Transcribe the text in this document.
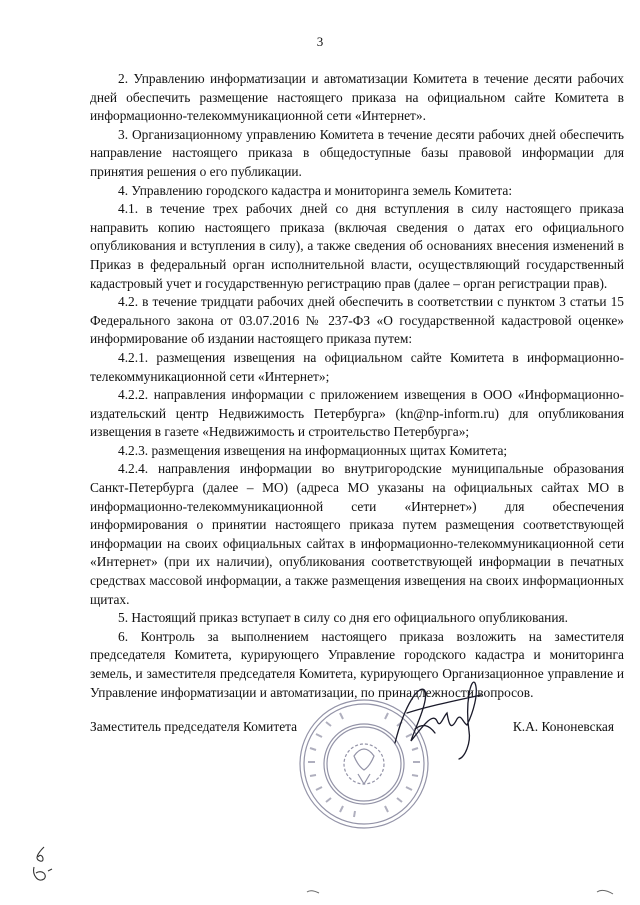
3

2. Управлению информатизации и автоматизации Комитета в течение десяти рабочих дней обеспечить размещение настоящего приказа на официальном сайте Комитета в информационно-телекоммуникационной сети «Интернет».

3. Организационному управлению Комитета в течение десяти рабочих дней обеспечить направление настоящего приказа в общедоступные базы правовой информации для принятия решения о его публикации.

4. Управлению городского кадастра и мониторинга земель Комитета:

4.1. в течение трех рабочих дней со дня вступления в силу настоящего приказа направить копию настоящего приказа (включая сведения о датах его официального опубликования и вступления в силу), а также сведения об основаниях внесения изменений в Приказ в федеральный орган исполнительной власти, осуществляющий государственный кадастровый учет и государственную регистрацию прав (далее – орган регистрации прав).

4.2. в течение тридцати рабочих дней обеспечить в соответствии с пунктом 3 статьи 15 Федерального закона от 03.07.2016 № 237-ФЗ «О государственной кадастровой оценке» информирование об издании настоящего приказа путем:

4.2.1. размещения извещения на официальном сайте Комитета в информационно-телекоммуникационной сети «Интернет»;

4.2.2. направления информации с приложением извещения в ООО «Информационно-издательский центр Недвижимость Петербурга» (kn@np-inform.ru) для опубликования извещения в газете «Недвижимость и строительство Петербурга»;

4.2.3. размещения извещения на информационных щитах Комитета;

4.2.4. направления информации во внутригородские муниципальные образования Санкт-Петербурга (далее – МО) (адреса МО указаны на официальных сайтах МО в информационно-телекоммуникационной сети «Интернет») для обеспечения информирования о принятии настоящего приказа путем размещения соответствующей информации на своих официальных сайтах в информационно-телекоммуникационной сети «Интернет» (при их наличии), опубликования соответствующей информации в печатных средствах массовой информации, а также размещения извещения на своих информационных щитах.

5. Настоящий приказ вступает в силу со дня его официального опубликования.

6. Контроль за выполнением настоящего приказа возложить на заместителя председателя Комитета, курирующего Управление городского кадастра и мониторинга земель, и заместителя председателя Комитета, курирующего Организационное управление и Управление информатизации и автоматизации, по принадлежности вопросов.

Заместитель председателя Комитета	К.А. Кононевская
